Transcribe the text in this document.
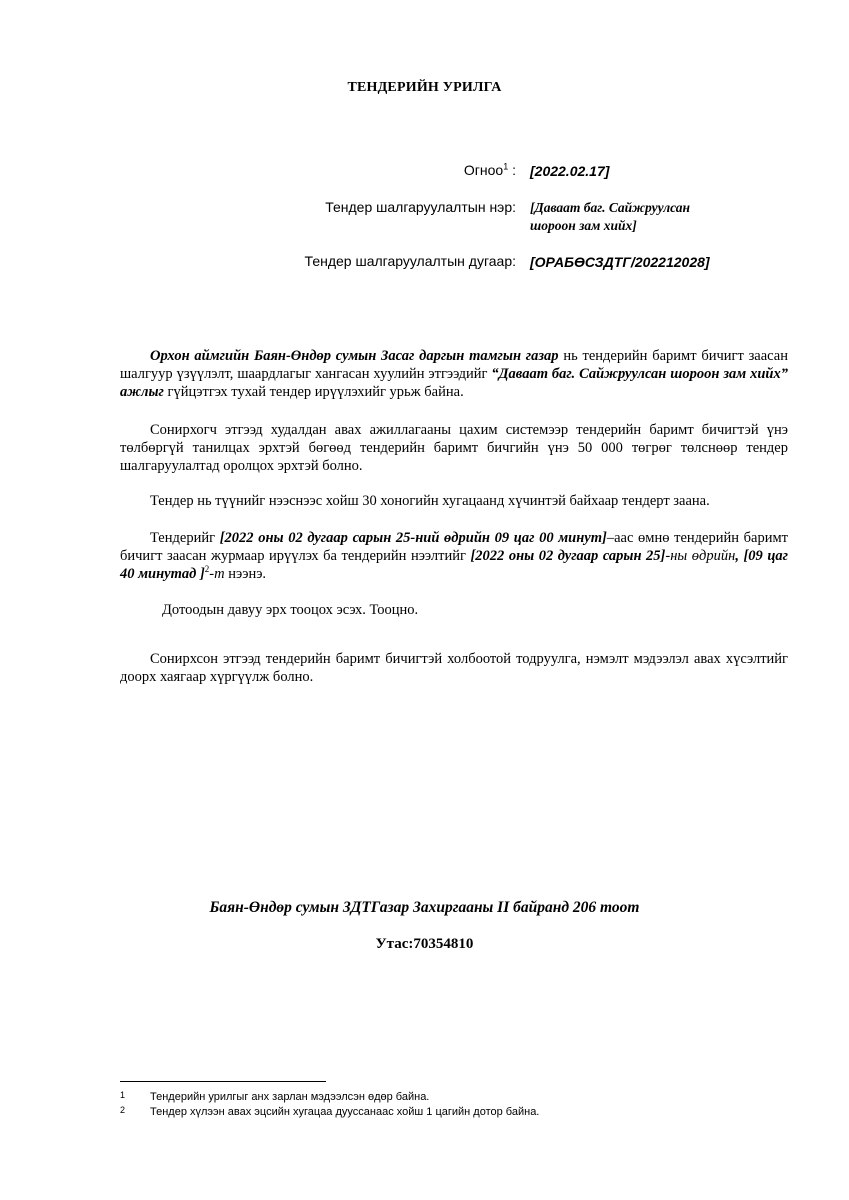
ТЕНДЕРИЙН УРИЛГА
Огноо$^1$ :	[2022.02.17]
Тендер шалгаруулалтын нэр:	[Даваат баг. Сайжруулсан
шороон зам хийх]
Тендер шалгаруулалтын дугаар:	[ОРАБӨСЗДТГ/202212028]
Орхон аймгийн Баян-Өндөр сумын Засаг даргын тамгын газар нь тендерийн баримт бичигт заасан шалгуур үзүүлэлт, шаардлагыг хангасан хуулийн этгээдийг “Даваат баг. Сайжруулсан шороон зам хийх” ажлыг гүйцэтгэх тухай тендер ирүүлэхийг урьж байна.
Сонирхогч этгээд худалдан авах ажиллагааны цахим системээр тендерийн баримт бичигтэй үнэ төлбөргүй танилцах эрхтэй бөгөөд тендерийн баримт бичгийн үнэ 50 000 төгрөг төлснөөр тендер шалгаруулалтад оролцох эрхтэй болно.
Тендер нь түүнийг нээснээс хойш 30 хоногийн хугацаанд хүчинтэй байхаар тендерт заана.
Тендерийг [2022 оны 02 дугаар сарын 25-ний өдрийн 09 цаг 00 минут]–аас өмнө тендерийн баримт бичигт заасан журмаар ирүүлэх ба тендерийн нээлтийг [2022 оны 02 дугаар сарын 25]-ны өдрийн, [09 цаг 40 минутад ]$^2$-т нээнэ.
Дотоодын давуу эрх тооцох эсэх. Тооцно.
Сонирхсон этгээд тендерийн баримт бичигтэй холбоотой тодруулга, нэмэлт мэдээлэл авах хүсэлтийг доорх хаягаар хүргүүлж болно.
Баян-Өндөр сумын ЗДТГазар Захиргааны II байранд 206 тоот
Утас:70354810
1	Тендерийн урилгыг анх зарлан мэдээлсэн өдөр байна.
2	Тендер хүлээн авах эцсийн хугацаа дуусcанаас хойш 1 цагийн дотор байна.
